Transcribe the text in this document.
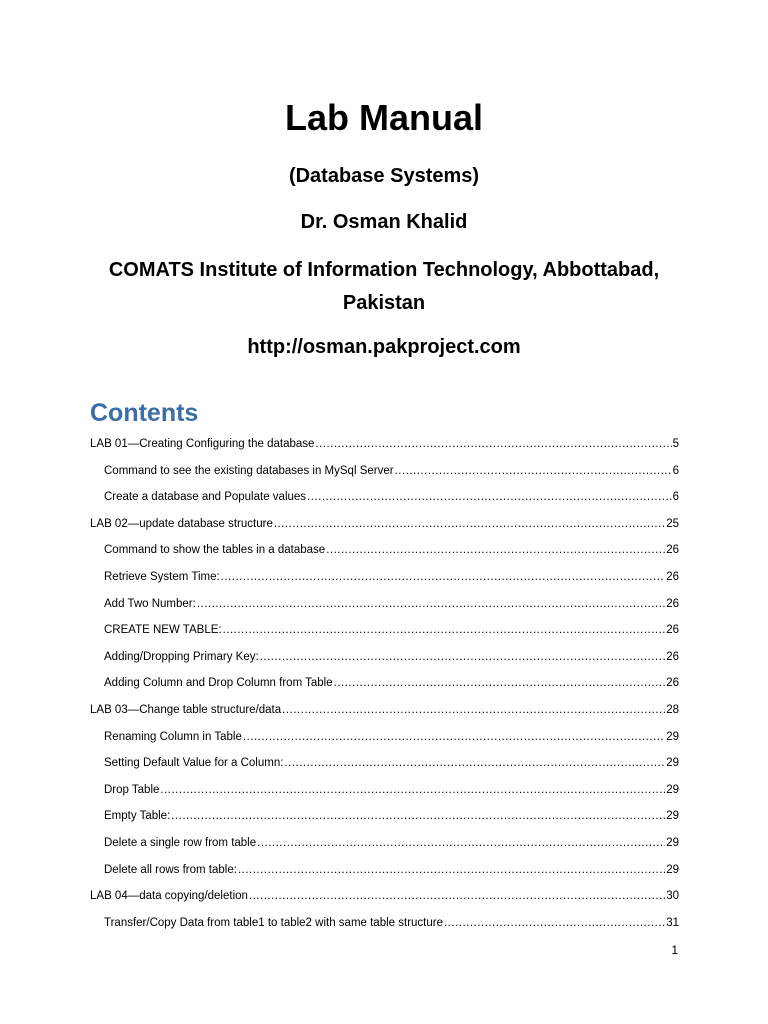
Lab Manual
(Database Systems)
Dr. Osman Khalid
COMATS Institute of Information Technology, Abbottabad, Pakistan
http://osman.pakproject.com
Contents
LAB 01—Creating Configuring the database .....	5
Command to see the existing databases in MySql Server .....	6
Create a database and Populate values .....	6
LAB 02—update database structure .....	25
Command to show the tables in a database .....	26
Retrieve System Time: .....	26
Add Two Number: .....	26
CREATE NEW TABLE: .....	26
Adding/Dropping Primary Key: .....	26
Adding Column and Drop Column from Table .....	26
LAB 03—Change table structure/data .....	28
Renaming Column in Table .....	29
Setting Default Value for a Column: .....	29
Drop Table .....	29
Empty Table: .....	29
Delete a single row from table .....	29
Delete all rows from table: .....	29
LAB 04—data copying/deletion .....	30
Transfer/Copy Data from table1 to table2 with same table structure .....	31
1
